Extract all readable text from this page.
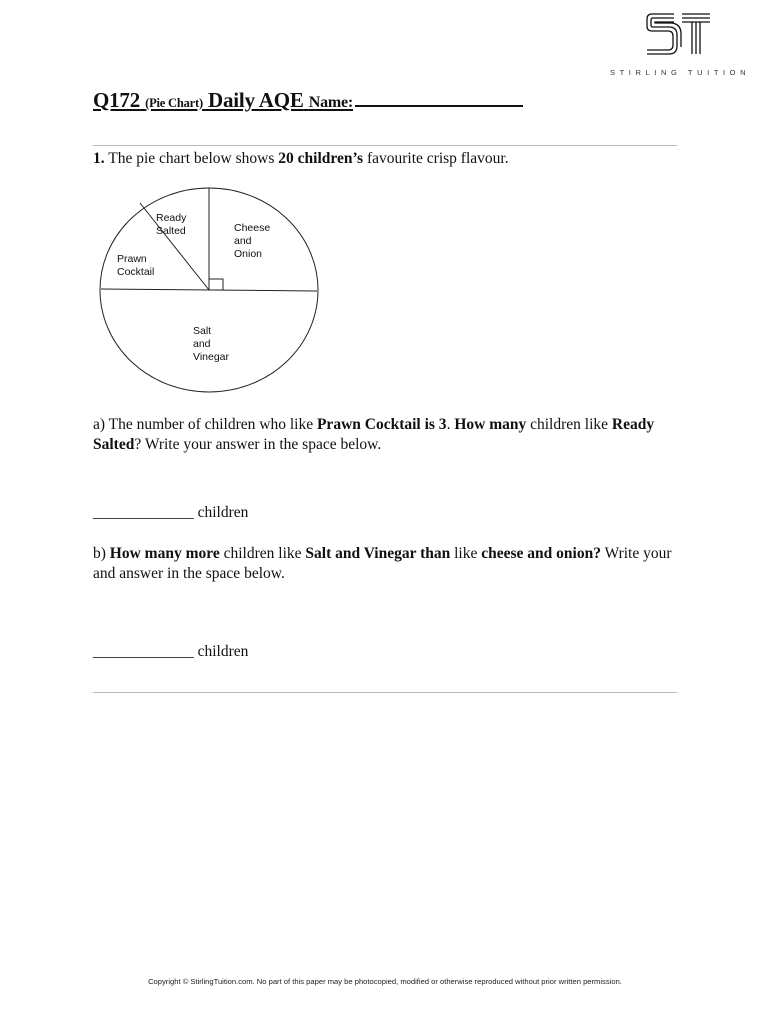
STIRLING TUITION
Q172 (Pie Chart) Daily AQE Name:
1. The pie chart below shows 20 children’s favourite crisp flavour.
Ready Salted	Cheese and Onion
Prawn Cocktail
Salt and Vinegar
a) The number of children who like Prawn Cocktail is 3. How many children like Ready Salted? Write your answer in the space below.
_____________ children
b) How many more children like Salt and Vinegar than like cheese and onion? Write your and answer in the space below.
_____________ children
Copyright © StirlingTuition.com. No part of this paper may be photocopied, modified or otherwise reproduced without prior written permission.
